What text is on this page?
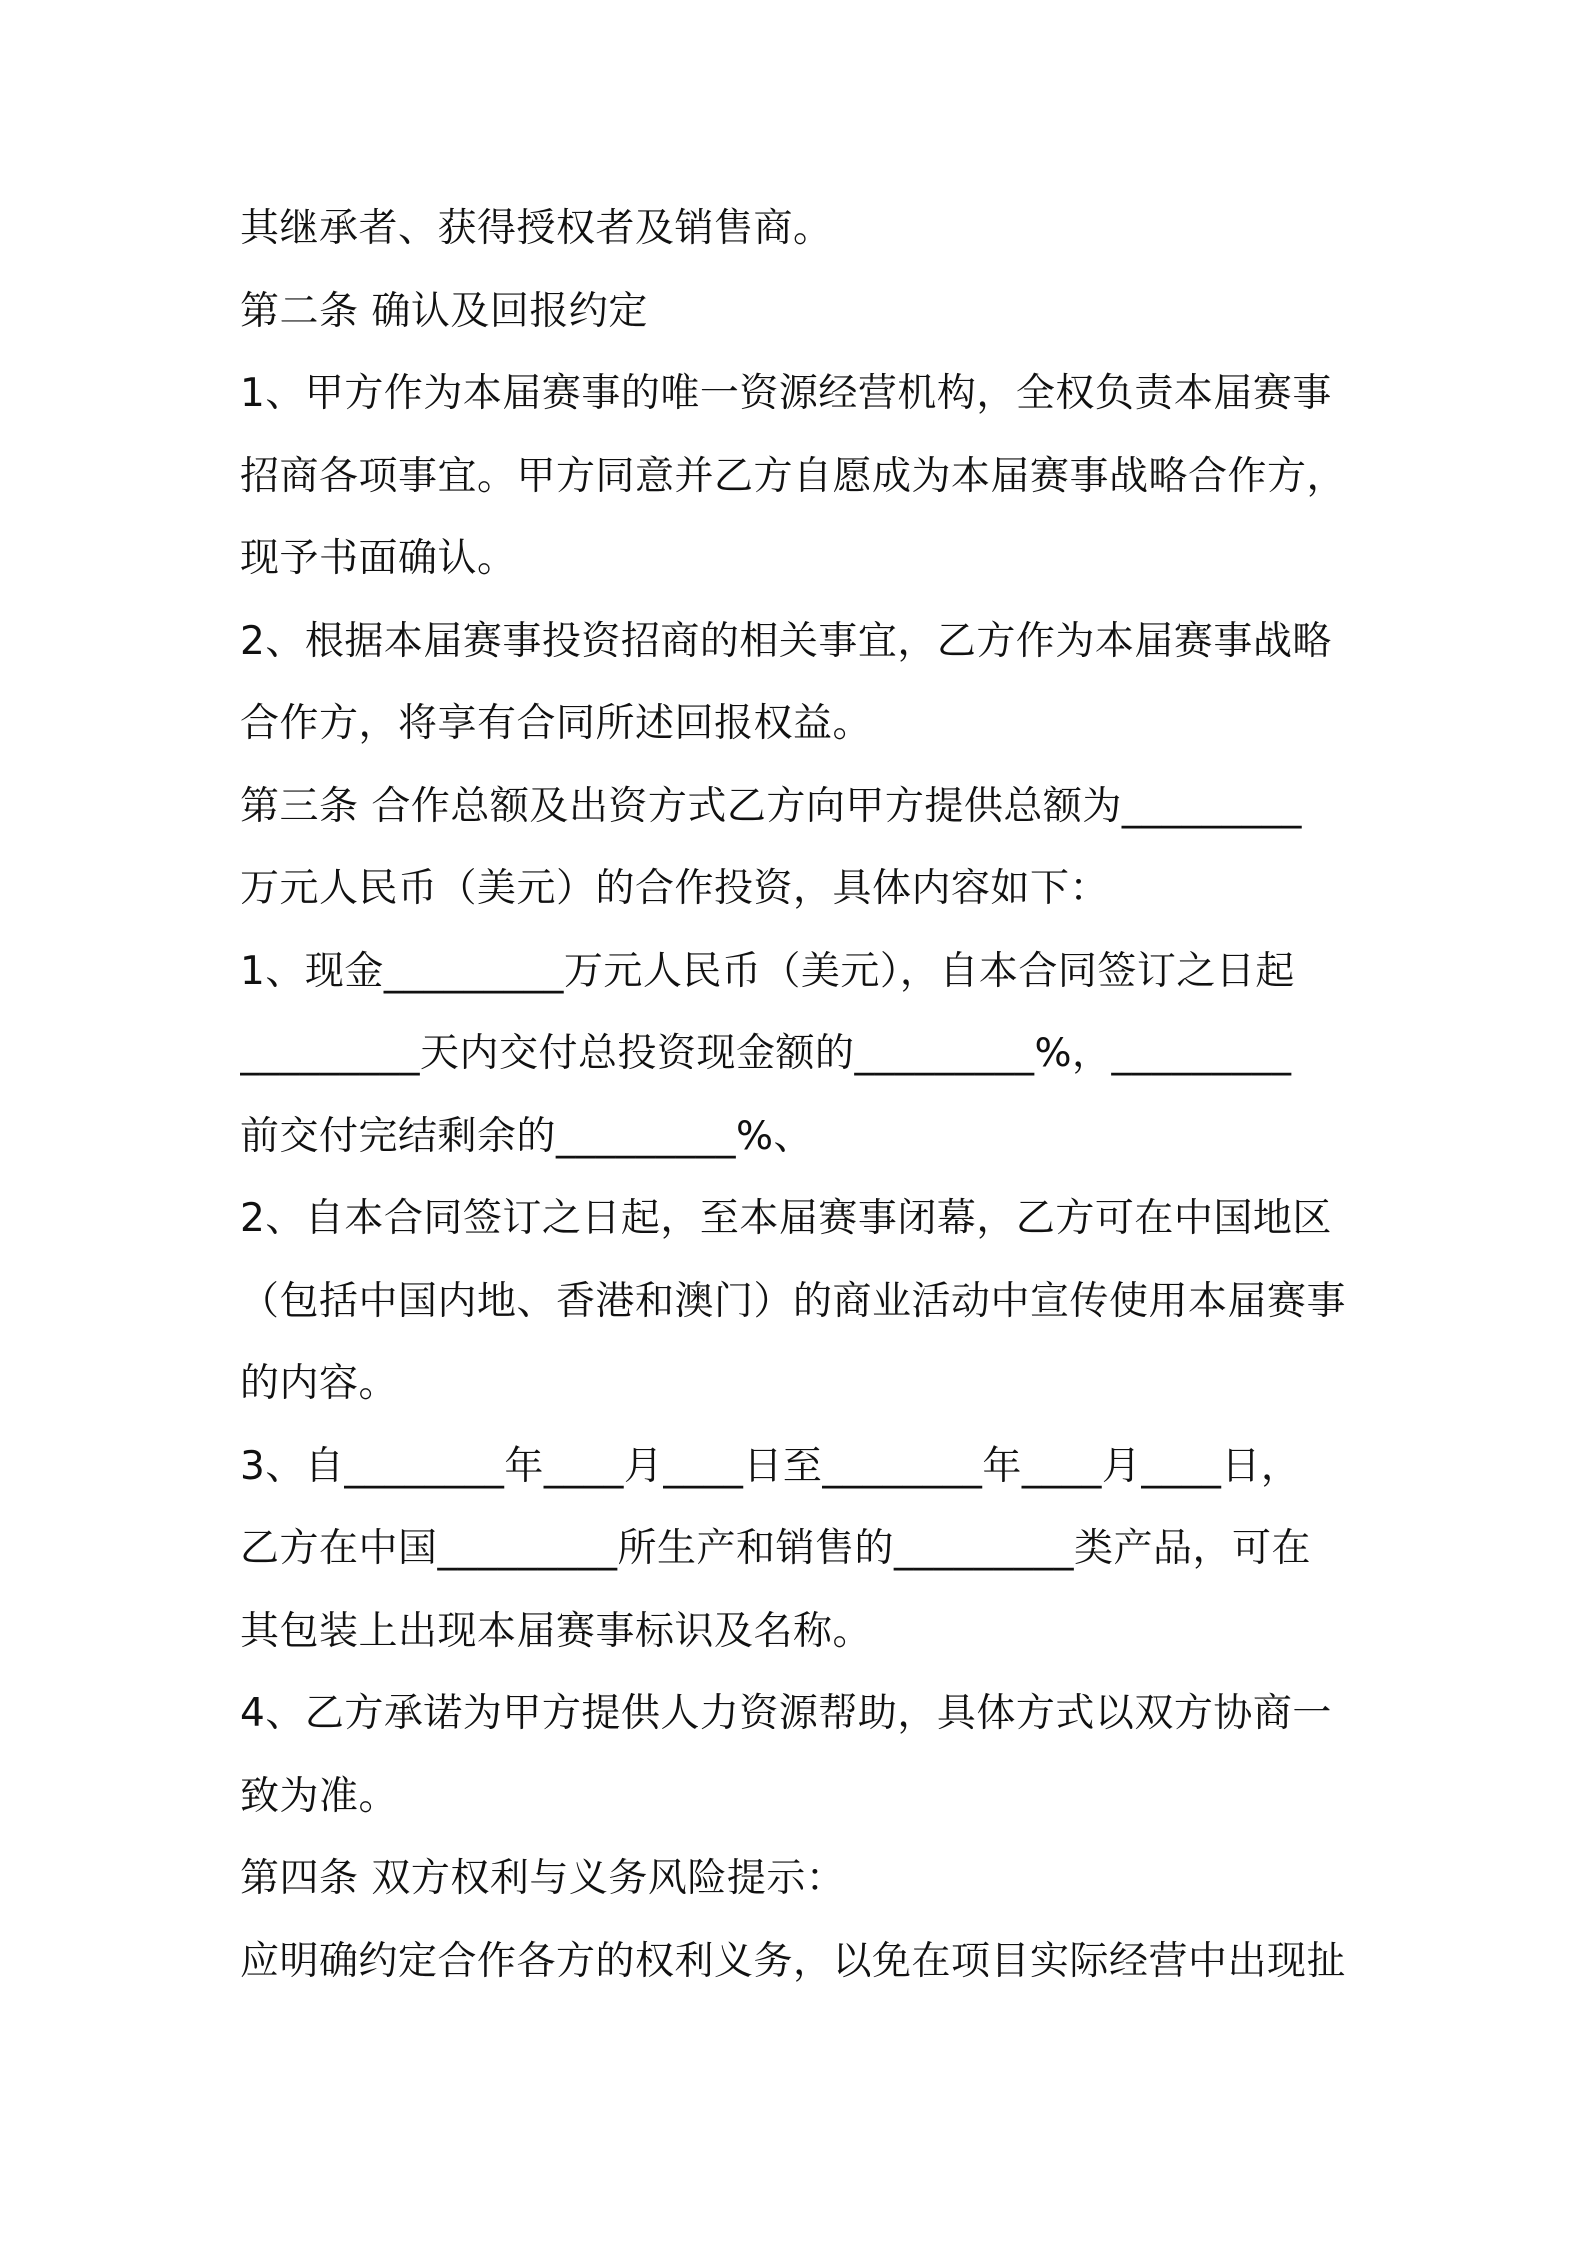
其继承者、获得授权者及销售商。
第二条 确认及回报约定
1、甲方作为本届赛事的唯一资源经营机构，全权负责本届赛事
招商各项事宜。甲方同意并乙方自愿成为本届赛事战略合作方，
现予书面确认。
2、根据本届赛事投资招商的相关事宜，乙方作为本届赛事战略
合作方，将享有合同所述回报权益。
第三条 合作总额及出资方式乙方向甲方提供总额为_________
万元人民币（美元）的合作投资，具体内容如下：
1、现金_________万元人民币（美元），自本合同签订之日起
_________天内交付总投资现金额的_________%，_________
前交付完结剩余的_________%、
2、自本合同签订之日起，至本届赛事闭幕，乙方可在中国地区
（包括中国内地、香港和澳门）的商业活动中宣传使用本届赛事
的内容。
3、自________年____月____日至________年____月____日，
乙方在中国_________所生产和销售的_________类产品，可在
其包装上出现本届赛事标识及名称。
4、乙方承诺为甲方提供人力资源帮助，具体方式以双方协商一
致为准。
第四条 双方权利与义务风险提示：
应明确约定合作各方的权利义务，以免在项目实际经营中出现扯
